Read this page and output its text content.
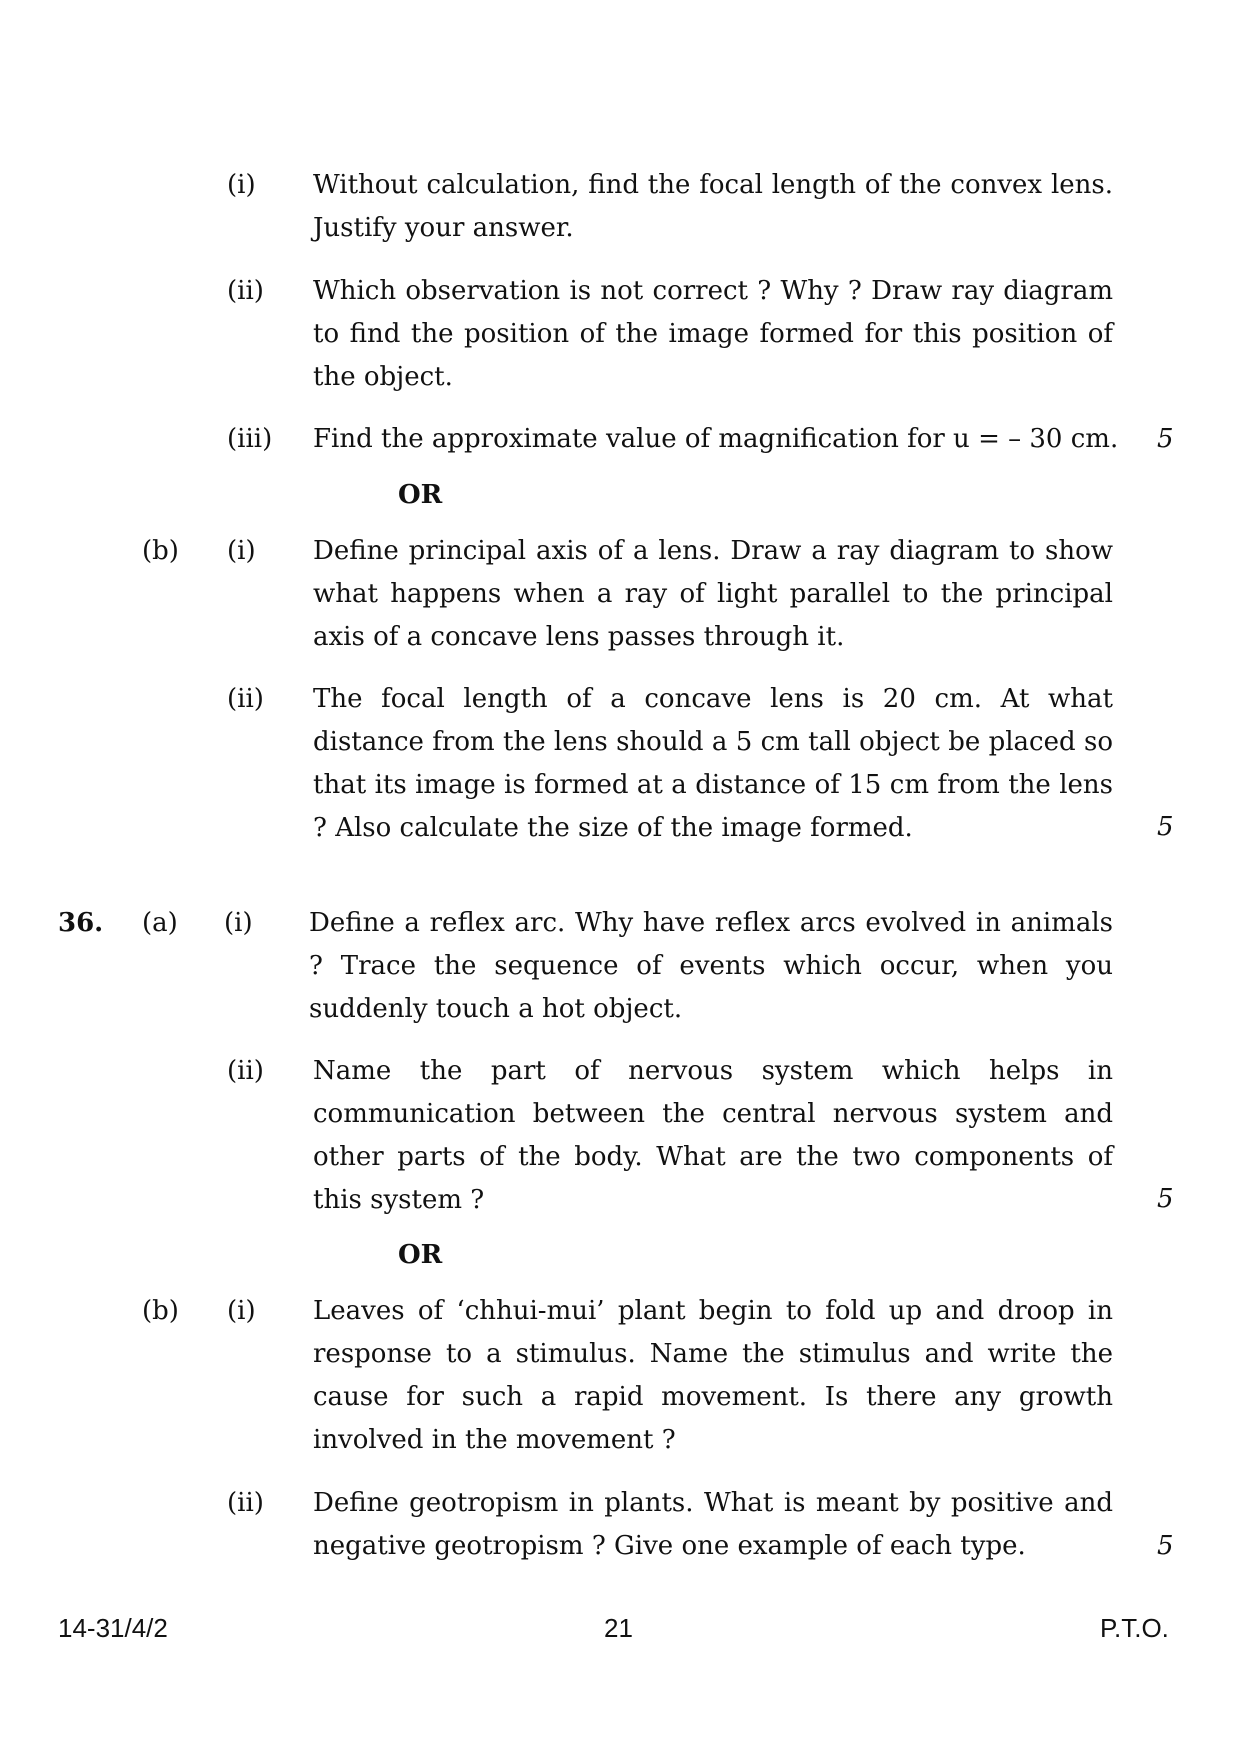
(i) Without calculation, find the focal length of the convex lens. Justify your answer.
(ii) Which observation is not correct ? Why ? Draw ray diagram to find the position of the image formed for this position of the object.
(iii) Find the approximate value of magnification for u = – 30 cm. 5
OR
(b) (i) Define principal axis of a lens. Draw a ray diagram to show what happens when a ray of light parallel to the principal axis of a concave lens passes through it.
(ii) The focal length of a concave lens is 20 cm. At what distance from the lens should a 5 cm tall object be placed so that its image is formed at a distance of 15 cm from the lens ? Also calculate the size of the image formed.	5
36. (a) (i) Define a reflex arc. Why have reflex arcs evolved in animals ? Trace the sequence of events which occur, when you suddenly touch a hot object.
(ii) Name the part of nervous system which helps in communication between the central nervous system and other parts of the body. What are the two components of this system ?	5
OR
(b) (i) Leaves of ‘chhui-mui’ plant begin to fold up and droop in response to a stimulus. Name the stimulus and write the cause for such a rapid movement. Is there any growth involved in the movement ?
(ii) Define geotropism in plants. What is meant by positive and negative geotropism ? Give one example of each type.	5
14-31/4/2	21	P.T.O.
